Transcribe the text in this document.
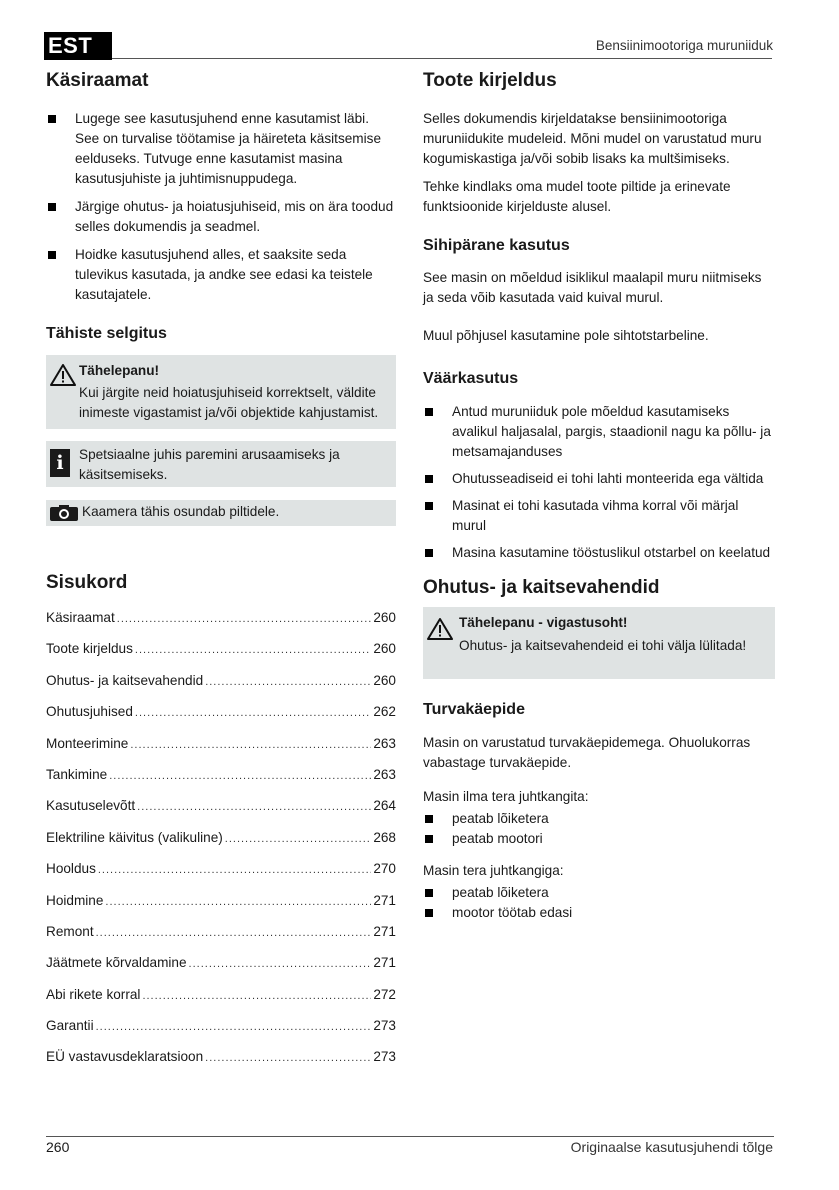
EST	Bensiinimootoriga muruniiduk
Käsiraamat
Lugege see kasutusjuhend enne kasutamist läbi. See on turvalise töötamise ja häireteta käsitsemise eelduseks. Tutvuge enne kasutamist masina kasutusjuhiste ja juhtimisnuppudega.
Järgige ohutus- ja hoiatusjuhiseid, mis on ära toodud selles dokumendis ja seadmel.
Hoidke kasutusjuhend alles, et saaksite seda tulevikus kasutada, ja andke see edasi ka teistele kasutajatele.
Tähiste selgitus

Tähelepanu!

Kui järgite neid hoiatusjuhiseid korrektselt, väldite inimeste vigastamist ja/või objektide kahjustamist.

i	Spetsiaalne juhis paremini arusaamiseks ja käsitsemiseks.

Kaamera tähis osundab piltidele.

Sisukord
Käsiraamat .....	260
Toote kirjeldus .....	260
Ohutus- ja kaitsevahendid .....	260
Ohutusjuhised .....	262
Monteerimine .....	263
Tankimine .....	263
Kasutuselevõtt .....	264
Elektriline käivitus (valikuline) .....	268
Hooldus .....	270
Hoidmine .....	271
Remont .....	271
Jäätmete kõrvaldamine .....	271
Abi rikete korral .....	272
Garantii .....	273
EÜ vastavusdeklaratsioon .....	273
Toote kirjeldus

Selles dokumendis kirjeldatakse bensiinimootoriga muruniidukite mudeleid. Mõni mudel on varustatud muru kogumiskastiga ja/või sobib lisaks ka multšimiseks.

Tehke kindlaks oma mudel toote piltide ja erinevate funktsioonide kirjelduste alusel.

Sihipärane kasutus

See masin on mõeldud isiklikul maalapil muru niitmiseks ja seda võib kasutada vaid kuival murul.

Muul põhjusel kasutamine pole sihtotstarbeline.

Väärkasutus
Antud muruniiduk pole mõeldud kasutamiseks avalikul haljasalal, pargis, staadionil nagu ka põllu- ja metsamajanduses
Ohutusseadiseid ei tohi lahti monteerida ega vältida
Masinat ei tohi kasutada vihma korral või märjal murul
Masina kasutamine tööstuslikul otstarbel on keelatud
Ohutus- ja kaitsevahendid

Tähelepanu - vigastusoht!

Ohutus- ja kaitsevahendeid ei tohi välja lülitada!

Turvakäepide

Masin on varustatud turvakäepidemega. Ohuolukorras vabastage turvakäepide.

Masin ilma tera juhtkangita:

peatab lõiketera
peatab mootori

Masin tera juhtkangiga:

peatab lõiketera
mootor töötab edasi
260	Originaalse kasutusjuhendi tõlge
